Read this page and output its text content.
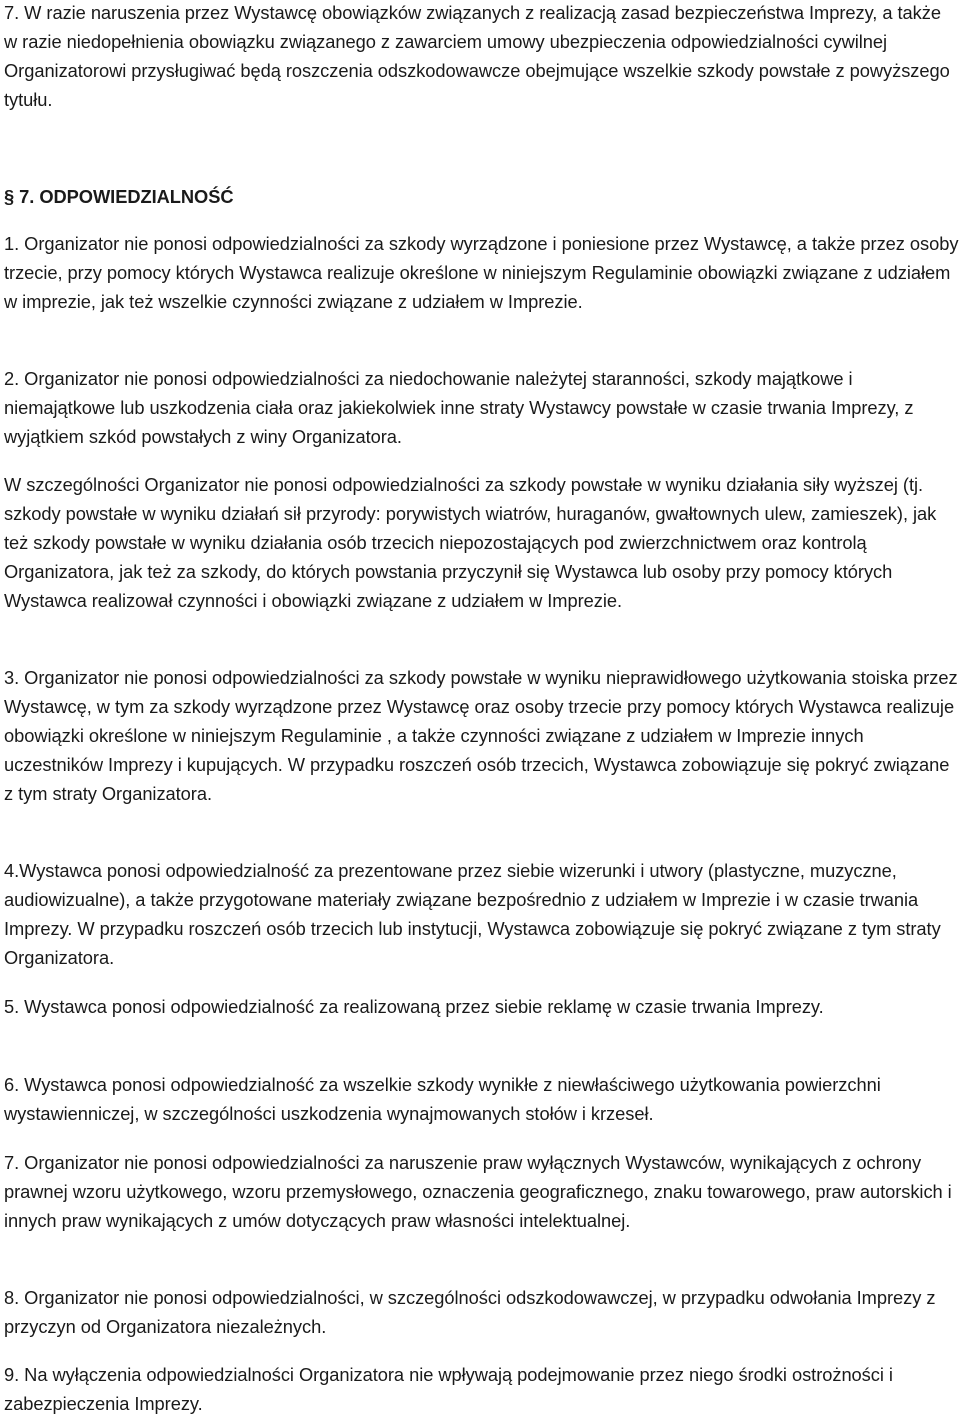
7. W razie naruszenia przez Wystawcę obowiązków związanych z realizacją zasad bezpieczeństwa Imprezy, a także w razie niedopełnienia obowiązku związanego z zawarciem umowy ubezpieczenia odpowiedzialności cywilnej Organizatorowi przysługiwać będą roszczenia odszkodowawcze obejmujące wszelkie szkody powstałe z powyższego tytułu.

§ 7. ODPOWIEDZIALNOŚĆ

1. Organizator nie ponosi odpowiedzialności za szkody wyrządzone i poniesione przez Wystawcę, a także przez osoby trzecie, przy pomocy których Wystawca realizuje określone w niniejszym Regulaminie obowiązki związane z udziałem w imprezie, jak też wszelkie czynności związane z udziałem w Imprezie.

2. Organizator nie ponosi odpowiedzialności za niedochowanie należytej staranności, szkody majątkowe i niemajątkowe lub uszkodzenia ciała oraz jakiekolwiek inne straty Wystawcy powstałe w czasie trwania Imprezy, z wyjątkiem szkód powstałych z winy Organizatora.

W szczególności Organizator nie ponosi odpowiedzialności za szkody powstałe w wyniku działania siły wyższej (tj. szkody powstałe w wyniku działań sił przyrody: porywistych wiatrów, huraganów, gwałtownych ulew, zamieszek), jak też szkody powstałe w wyniku działania osób trzecich niepozostających pod zwierzchnictwem oraz kontrolą Organizatora, jak też za szkody, do których powstania przyczynił się Wystawca lub osoby przy pomocy których Wystawca realizował czynności i obowiązki związane z udziałem w Imprezie.

3. Organizator nie ponosi odpowiedzialności za szkody powstałe w wyniku nieprawidłowego użytkowania stoiska przez Wystawcę, w tym za szkody wyrządzone przez Wystawcę oraz osoby trzecie przy pomocy których Wystawca realizuje obowiązki określone w niniejszym Regulaminie , a także czynności związane z udziałem w Imprezie innych uczestników Imprezy i kupujących. W przypadku roszczeń osób trzecich, Wystawca zobowiązuje się pokryć związane z tym straty Organizatora.

4.Wystawca ponosi odpowiedzialność za prezentowane przez siebie wizerunki i utwory (plastyczne, muzyczne, audiowizualne), a także przygotowane materiały związane bezpośrednio z udziałem w Imprezie i w czasie trwania Imprezy. W przypadku roszczeń osób trzecich lub instytucji, Wystawca zobowiązuje się pokryć związane z tym straty Organizatora.

5. Wystawca ponosi odpowiedzialność za realizowaną przez siebie reklamę w czasie trwania Imprezy.

6. Wystawca ponosi odpowiedzialność za wszelkie szkody wynikłe z niewłaściwego użytkowania powierzchni wystawienniczej, w szczególności uszkodzenia wynajmowanych stołów i krzeseł.

7. Organizator nie ponosi odpowiedzialności za naruszenie praw wyłącznych Wystawców, wynikających z ochrony prawnej wzoru użytkowego, wzoru przemysłowego, oznaczenia geograficznego, znaku towarowego, praw autorskich i innych praw wynikających z umów dotyczących praw własności intelektualnej.

8. Organizator nie ponosi odpowiedzialności, w szczególności odszkodowawczej, w przypadku odwołania Imprezy z przyczyn od Organizatora niezależnych.

9. Na wyłączenia odpowiedzialności Organizatora nie wpływają podejmowanie przez niego środki ostrożności i zabezpieczenia Imprezy.
